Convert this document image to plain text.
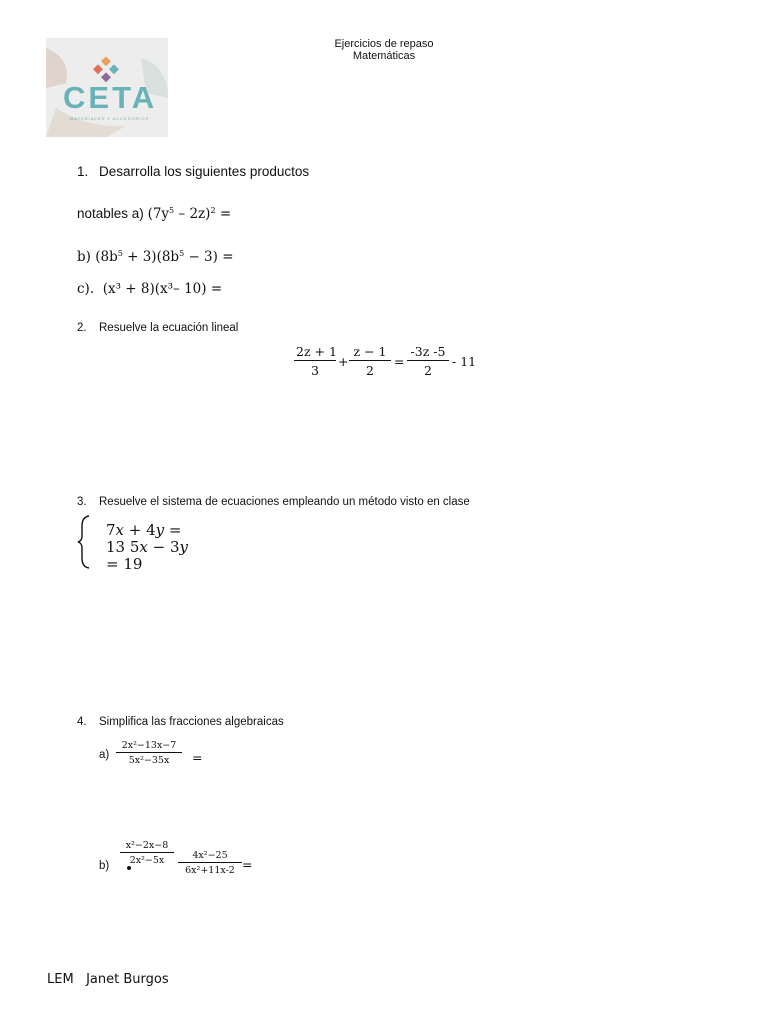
Ejercicios de repaso
Matemáticas
CETA
MATERIALES Y ACCESORIOS
1. Desarrolla los siguientes productos
notables a) $(7y^5 - 2z)^2$ =
b) $(8b^5 + 3)(8b^5 - 3)$ =
c). (x³ + 8)(x³– 10) =
2. Resuelve la ecuación lineal
2z + 1
3
+
z − 1
2
=
-3z -5
2
- 11
3. Resuelve el sistema de ecuaciones empleando un método visto en clase
7𝑥 + 4𝑦 =
13 5𝑥 − 3𝑦
= 19
4. Simplifica las fracciones algebraicas
a)
2x²−13x−7
5x²−35x	=
b)
x²−2x−8
2x²−5x	4x²−25
6x²+11x-2 =
LEM   Janet Burgos
